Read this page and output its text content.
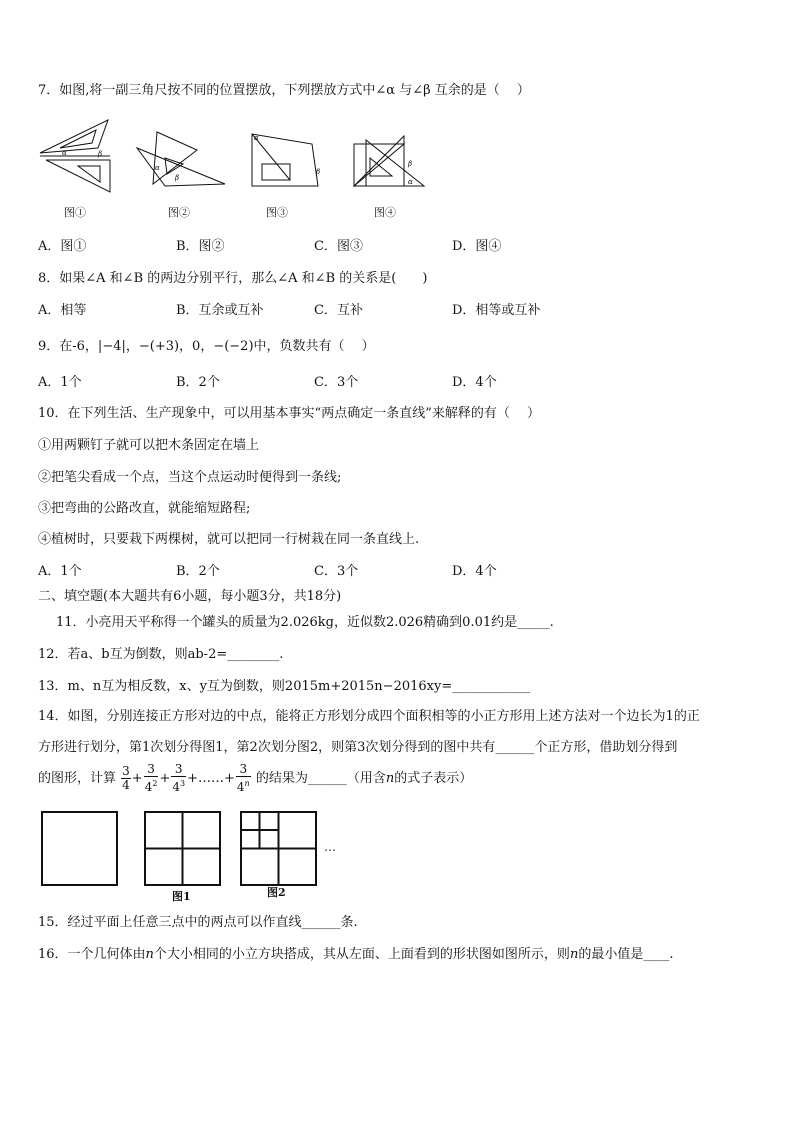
7．如图,将一副三角尺按不同的位置摆放，下列摆放方式中∠α 与∠β 互余的是（　 ）
α	β
α
β
α
β
β
α
图①	图②	图③	图④
A．图①	B．图②	C．图③	D．图④
8．如果∠A 和∠B 的两边分别平行，那么∠A 和∠B 的关系是(　　)
A．相等	B．互余或互补	C．互补	D．相等或互补
9．在-6，|−4|，−(+3)，0，−(−2)中，负数共有（　 ）
A．1个	B．2个	C．3个	D．4个
10．在下列生活、生产现象中，可以用基本事实“两点确定一条直线”来解释的有（　 ）
①用两颗钉子就可以把木条固定在墙上
②把笔尖看成一个点，当这个点运动时便得到一条线;
③把弯曲的公路改直，就能缩短路程;
④植树时，只要栽下两棵树，就可以把同一行树栽在同一条直线上.
A．1个	B．2个	C．3个	D．4个
二、填空题(本大题共有6小题，每小题3分，共18分)
11．小亮用天平称得一个罐头的质量为2.026kg，近似数2.026精确到0.01约是_____.
12．若a、b互为倒数，则ab-2=________.
13．m、n互为相反数，x、y互为倒数，则2015m+2015n−2016xy=____________
14．如图，分别连接正方形对边的中点，能将正方形划分成四个面积相等的小正方形用上述方法对一个边长为1的正
方形进行划分，第1次划分得图1，第2次划分图2，则第3次划分得到的图中共有______个正方形，借助划分得到
的图形，计算 $\frac{3}{4} + \frac{3}{4^2} + \frac{3}{4^3}$ +……+ $\frac{3}{4^n}$ 的结果为______（用含n的式子表示）
…
图1	图2
15．经过平面上任意三点中的两点可以作直线______条.
16．一个几何体由n个大小相同的小立方块搭成，其从左面、上面看到的形状图如图所示，则n的最小值是____.
